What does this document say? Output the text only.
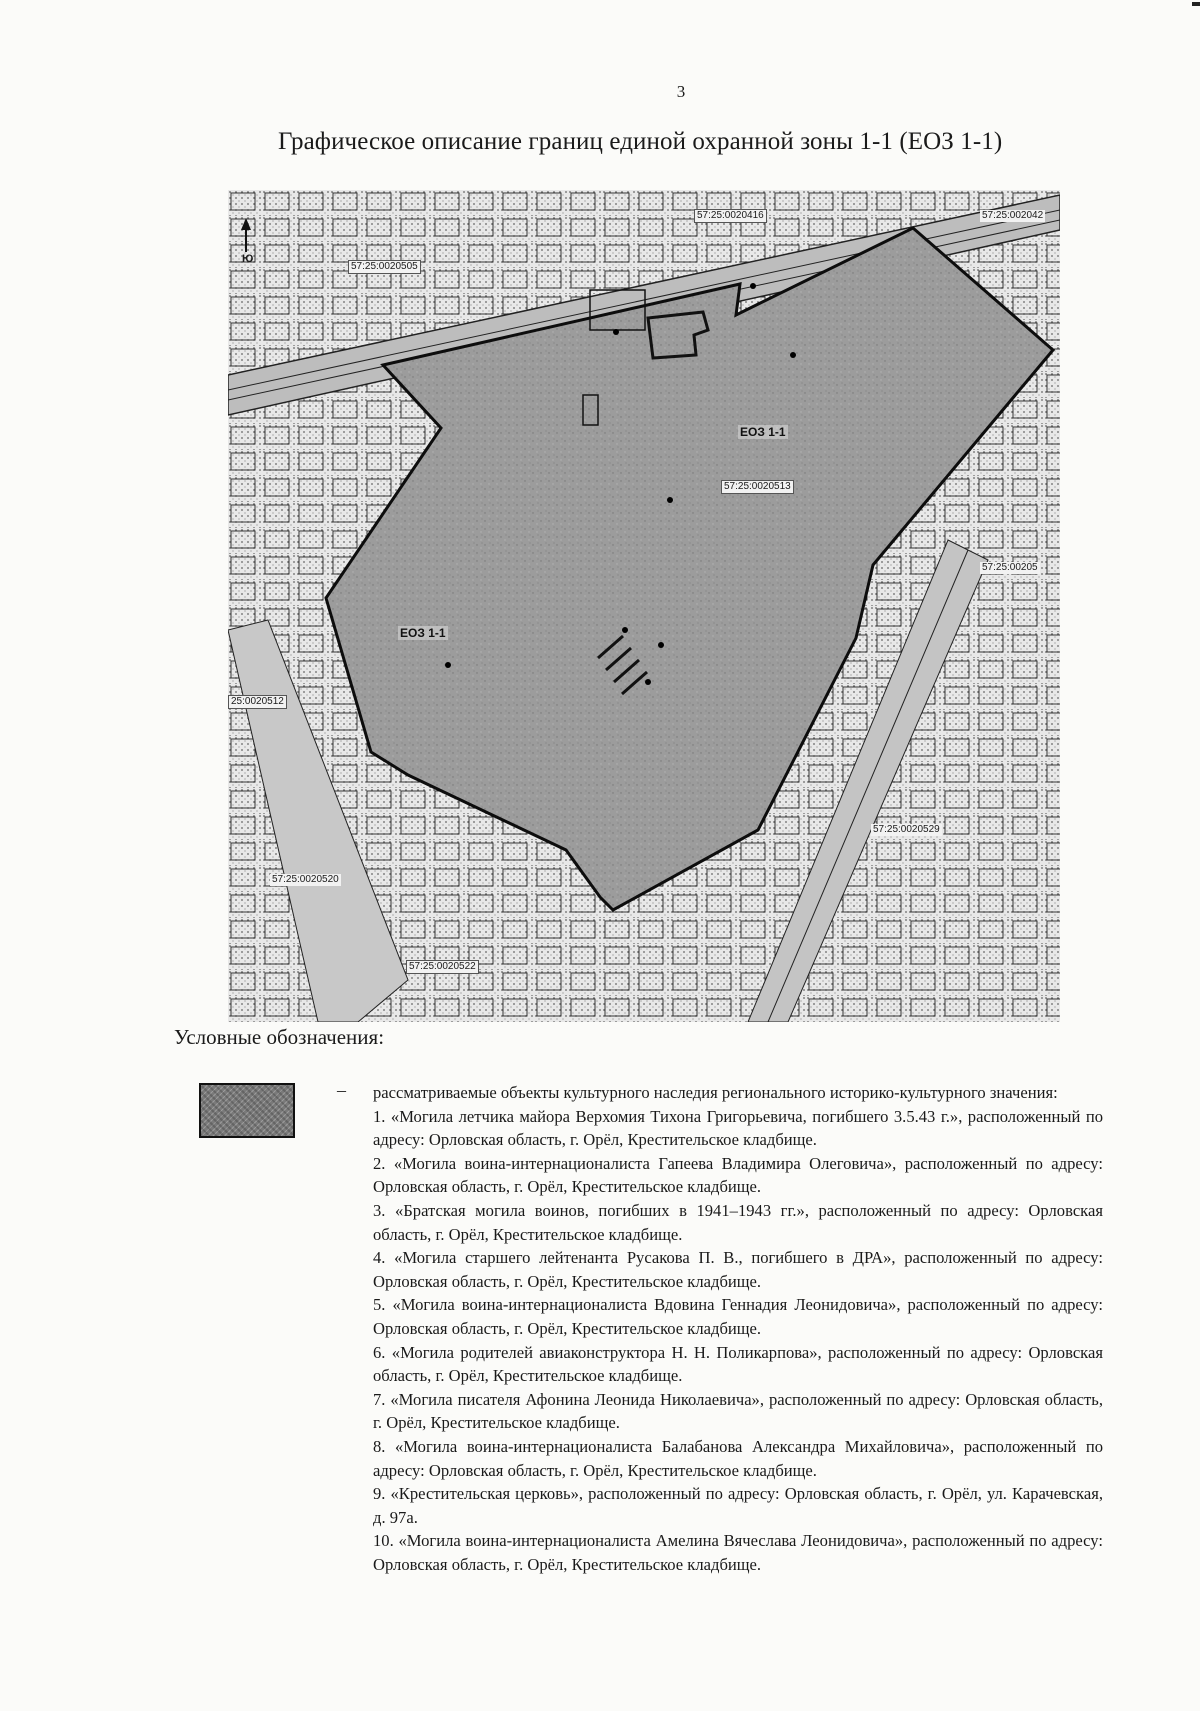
3
Графическое описание границ единой охранной зоны 1-1 (ЕОЗ 1-1)
Ю
57:25:0020416	57:25:002042
57:25:0020505
57:25:0020513
57:25:00205
25:0020512
57:25:0020529
57:25:0020520
57:25:0020522
ЕОЗ 1-1
ЕОЗ 1-1
Условные обозначения:
– рассматриваемые объекты культурного наследия регионального историко-культурного значения:

1. «Могила летчика майора Верхомия Тихона Григорьевича, погибшего 3.5.43 г.», расположенный по адресу: Орловская область, г. Орёл, Крестительское кладбище.

2. «Могила воина-интернационалиста Гапеева Владимира Олеговича», расположенный по адресу: Орловская область, г. Орёл, Крестительское кладбище.

3. «Братская могила воинов, погибших в 1941–1943 гг.», расположенный по адресу: Орловская область, г. Орёл, Крестительское кладбище.

4. «Могила старшего лейтенанта Русакова П. В., погибшего в ДРА», расположенный по адресу: Орловская область, г. Орёл, Крестительское кладбище.

5. «Могила воина-интернационалиста Вдовина Геннадия Леонидовича», расположенный по адресу: Орловская область, г. Орёл, Крестительское кладбище.

6. «Могила родителей авиаконструктора Н. Н. Поликарпова», расположенный по адресу: Орловская область, г. Орёл, Крестительское кладбище.

7. «Могила писателя Афонина Леонида Николаевича», расположенный по адресу: Орловская область, г. Орёл, Крестительское кладбище.

8. «Могила воина-интернационалиста Балабанова Александра Михайловича», расположенный по адресу: Орловская область, г. Орёл, Крестительское кладбище.

9. «Крестительская церковь», расположенный по адресу: Орловская область, г. Орёл, ул. Карачевская, д. 97а.

10. «Могила воина-интернационалиста Амелина Вячеслава Леонидовича», расположенный по адресу: Орловская область, г. Орёл, Крестительское кладбище.
